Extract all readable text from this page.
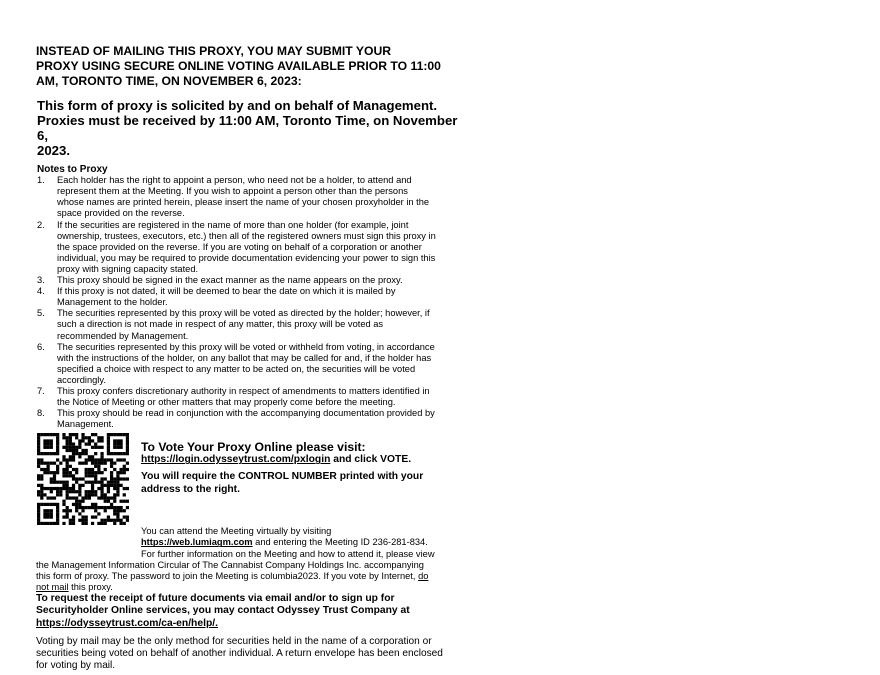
INSTEAD OF MAILING THIS PROXY, YOU MAY SUBMIT YOUR
PROXY USING SECURE ONLINE VOTING AVAILABLE PRIOR TO 11:00
AM, TORONTO TIME, ON NOVEMBER 6, 2023:
This form of proxy is solicited by and on behalf of Management.
Proxies must be received by 11:00 AM, Toronto Time, on November 6,
2023.
Notes to Proxy
1. Each holder has the right to appoint a person, who need not be a holder, to attend and
represent them at the Meeting. If you wish to appoint a person other than the persons
whose names are printed herein, please insert the name of your chosen proxyholder in the
space provided on the reverse.
2. If the securities are registered in the name of more than one holder (for example, joint
ownership, trustees, executors, etc.) then all of the registered owners must sign this proxy in
the space provided on the reverse. If you are voting on behalf of a corporation or another
individual, you may be required to provide documentation evidencing your power to sign this
proxy with signing capacity stated.
3. This proxy should be signed in the exact manner as the name appears on the proxy.
4. If this proxy is not dated, it will be deemed to bear the date on which it is mailed by
Management to the holder.
5. The securities represented by this proxy will be voted as directed by the holder; however, if
such a direction is not made in respect of any matter, this proxy will be voted as
recommended by Management.
6. The securities represented by this proxy will be voted or withheld from voting, in accordance
with the instructions of the holder, on any ballot that may be called for and, if the holder has
specified a choice with respect to any matter to be acted on, the securities will be voted
accordingly.
7. This proxy confers discretionary authority in respect of amendments to matters identified in
the Notice of Meeting or other matters that may properly come before the meeting.
8. This proxy should be read in conjunction with the accompanying documentation provided by
Management.
To Vote Your Proxy Online please visit:
https://login.odysseytrust.com/pxlogin and click VOTE.
You will require the CONTROL NUMBER printed with your
address to the right.
You can attend the Meeting virtually by visiting
https://web.lumiagm.com and entering the Meeting ID 236-281-834.
For further information on the Meeting and how to attend it, please view
the Management Information Circular of The Cannabist Company Holdings Inc. accompanying
this form of proxy. The password to join the Meeting is columbia2023. If you vote by Internet, do
not mail this proxy.
To request the receipt of future documents via email and/or to sign up for
Securityholder Online services, you may contact Odyssey Trust Company at
https://odysseytrust.com/ca-en/help/.
Voting by mail may be the only method for securities held in the name of a corporation or
securities being voted on behalf of another individual. A return envelope has been enclosed
for voting by mail.
